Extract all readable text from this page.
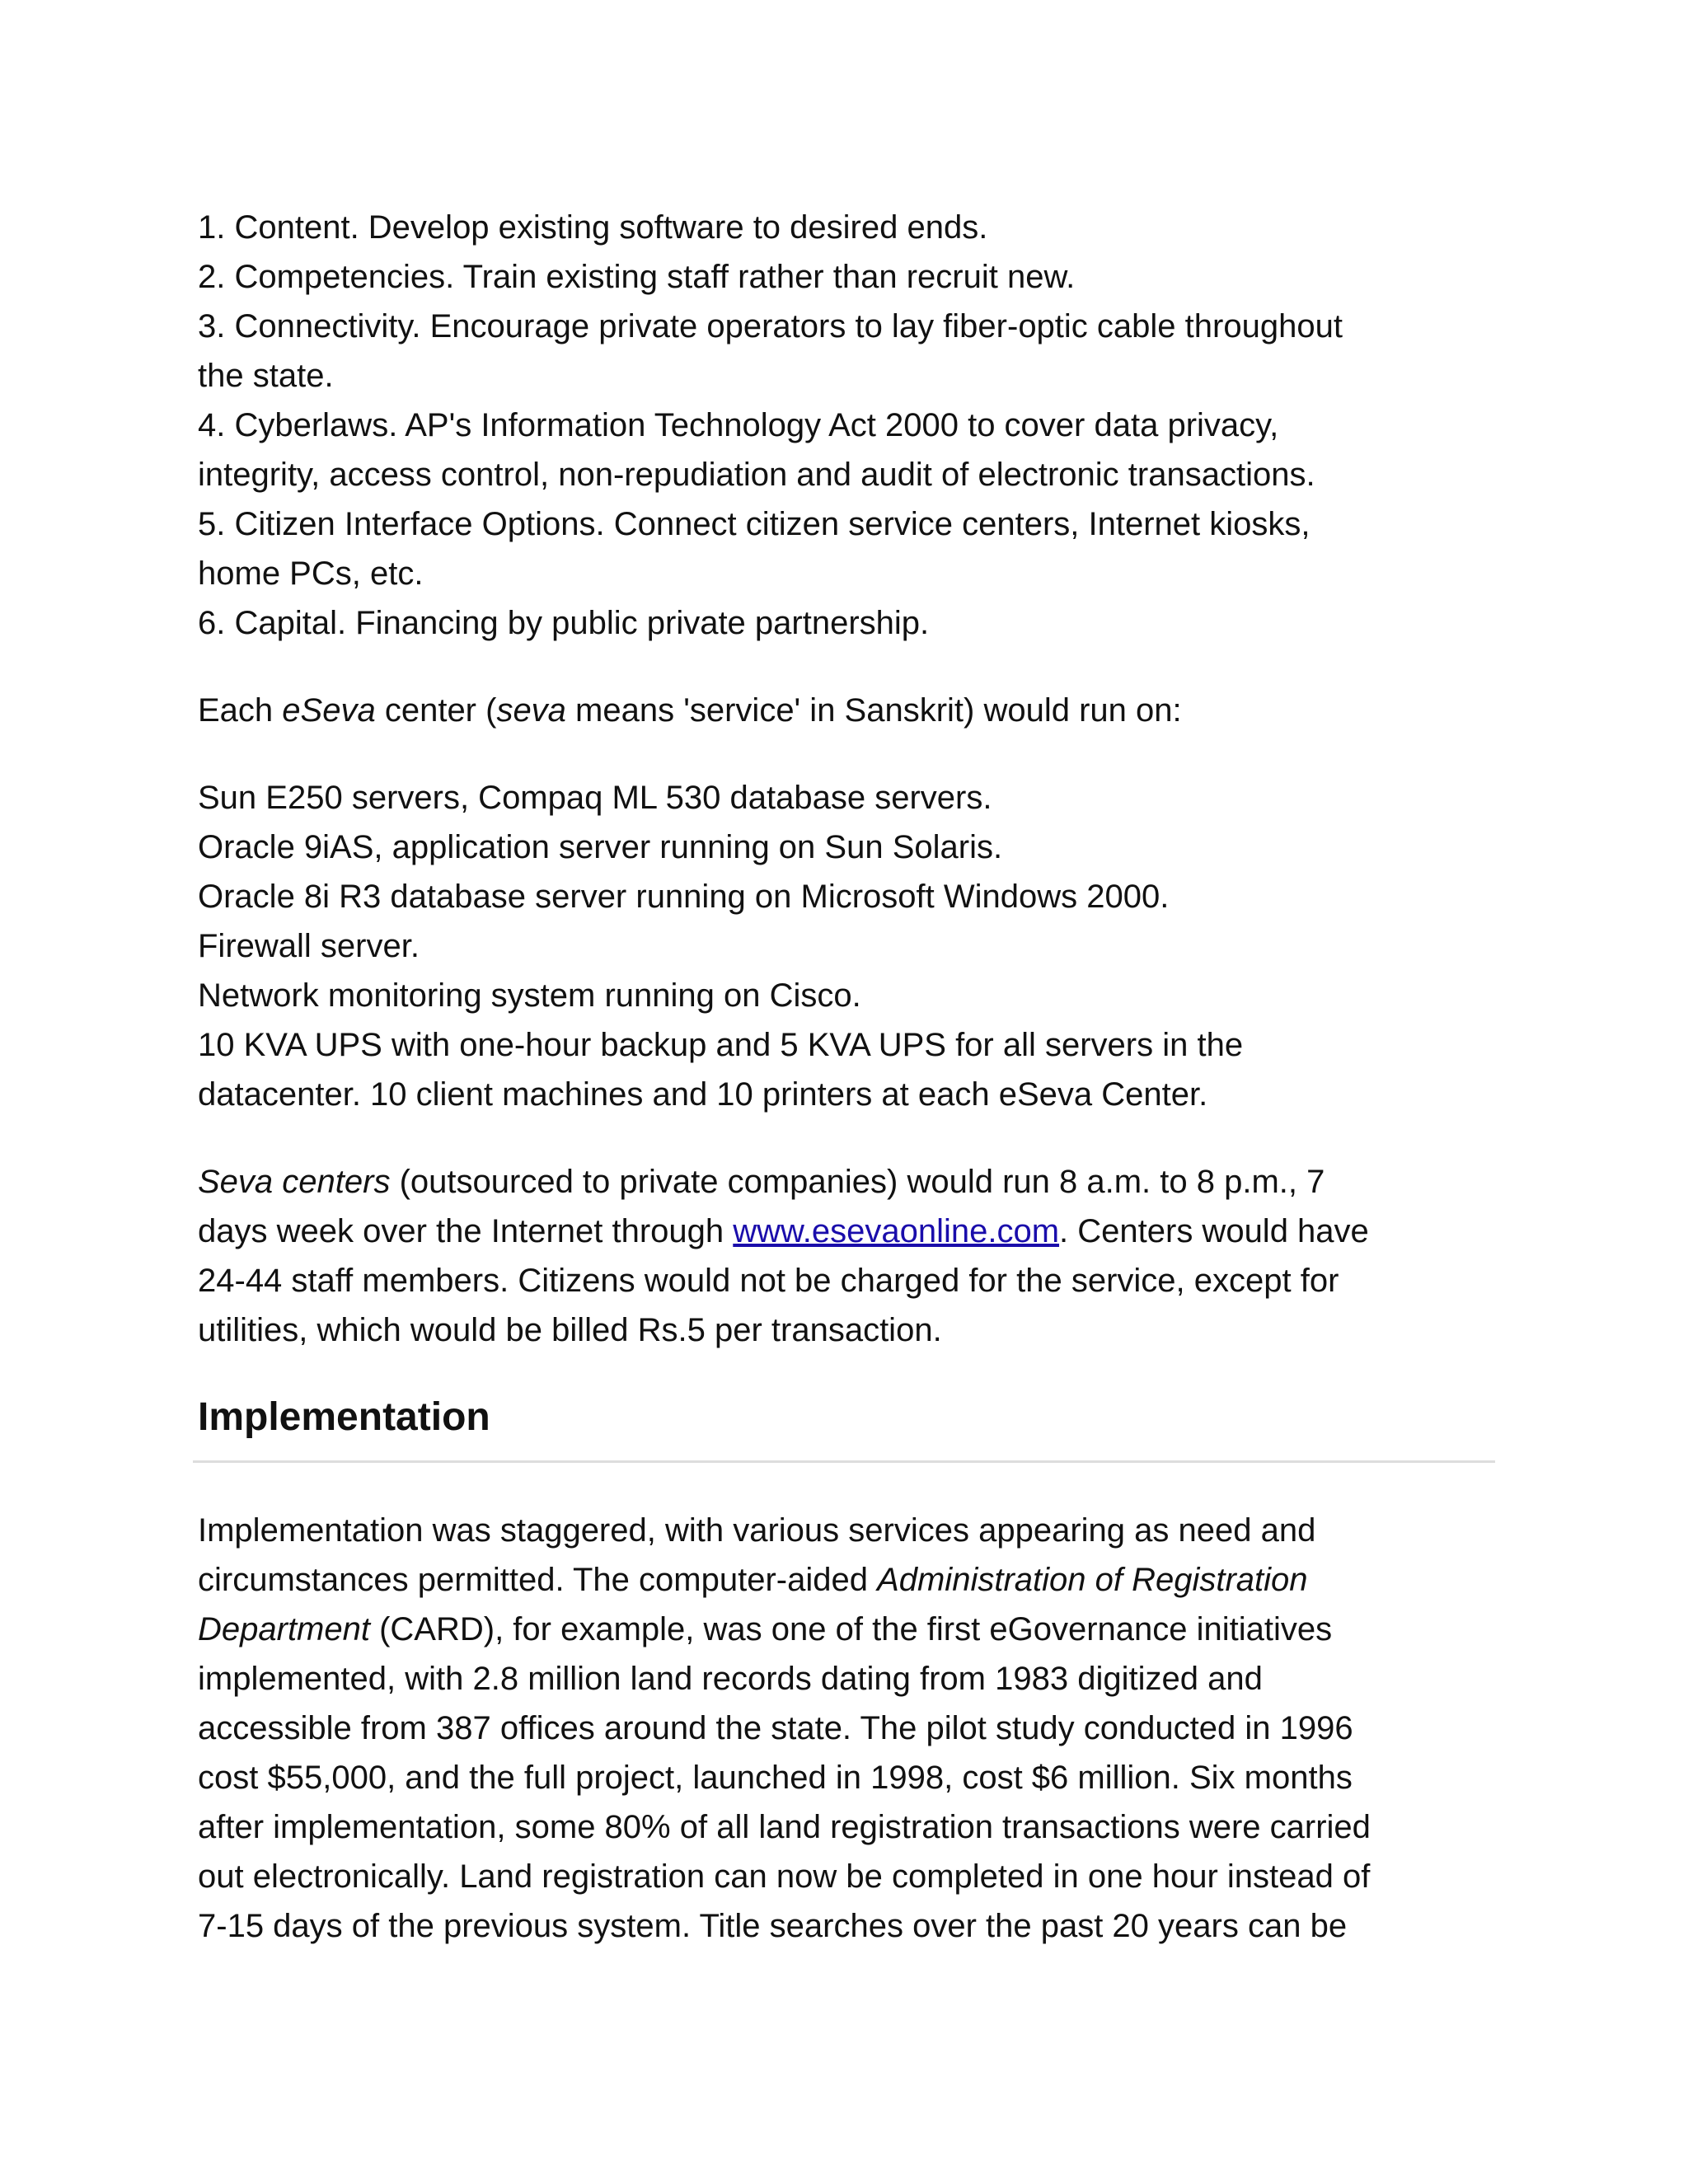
1. Content. Develop existing software to desired ends.
2. Competencies. Train existing staff rather than recruit new.
3. Connectivity. Encourage private operators to lay fiber-optic cable throughout
the state.
4. Cyberlaws. AP's Information Technology Act 2000 to cover data privacy,
integrity, access control, non-repudiation and audit of electronic transactions.
5. Citizen Interface Options. Connect citizen service centers, Internet kiosks,
home PCs, etc.
6. Capital. Financing by public private partnership.
Each eSeva center (seva means 'service' in Sanskrit) would run on:
Sun E250 servers, Compaq ML 530 database servers.
Oracle 9iAS, application server running on Sun Solaris.
Oracle 8i R3 database server running on Microsoft Windows 2000.
Firewall server.
Network monitoring system running on Cisco.
10 KVA UPS with one-hour backup and 5 KVA UPS for all servers in the
datacenter. 10 client machines and 10 printers at each eSeva Center.
Seva centers (outsourced to private companies) would run 8 a.m. to 8 p.m., 7
days week over the Internet through www.esevaonline.com. Centers would have
24-44 staff members. Citizens would not be charged for the service, except for
utilities, which would be billed Rs.5 per transaction.
Implementation
Implementation was staggered, with various services appearing as need and
circumstances permitted. The computer-aided Administration of Registration
Department (CARD), for example, was one of the first eGovernance initiatives
implemented, with 2.8 million land records dating from 1983 digitized and
accessible from 387 offices around the state. The pilot study conducted in 1996
cost $55,000, and the full project, launched in 1998, cost $6 million. Six months
after implementation, some 80% of all land registration transactions were carried
out electronically. Land registration can now be completed in one hour instead of
7-15 days of the previous system. Title searches over the past 20 years can be
